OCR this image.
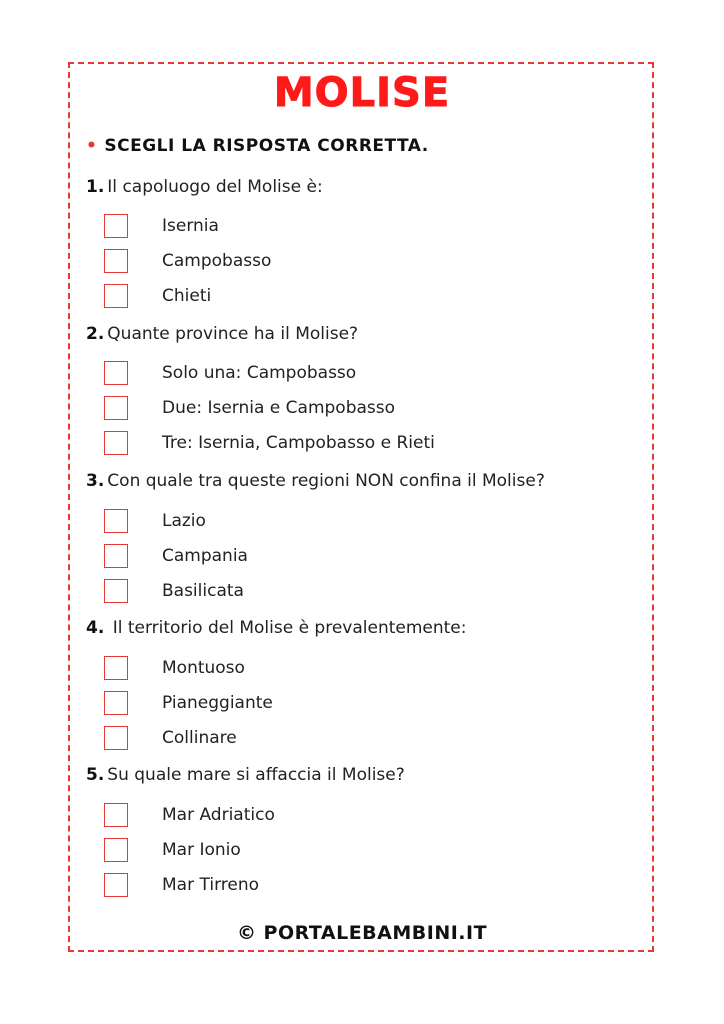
MOLISE
• SCEGLI LA RISPOSTA CORRETTA.
1. Il capoluogo del Molise è:
Isernia
Campobasso
Chieti
2. Quante province ha il Molise?
Solo una: Campobasso
Due: Isernia e Campobasso
Tre: Isernia, Campobasso e Rieti
3. Con quale tra queste regioni NON confina il Molise?
Lazio
Campania
Basilicata
4. Il territorio del Molise è prevalentemente:
Montuoso
Pianeggiante
Collinare
5. Su quale mare si affaccia il Molise?
Mar Adriatico
Mar Ionio
Mar Tirreno
© PORTALEBAMBINI.IT
